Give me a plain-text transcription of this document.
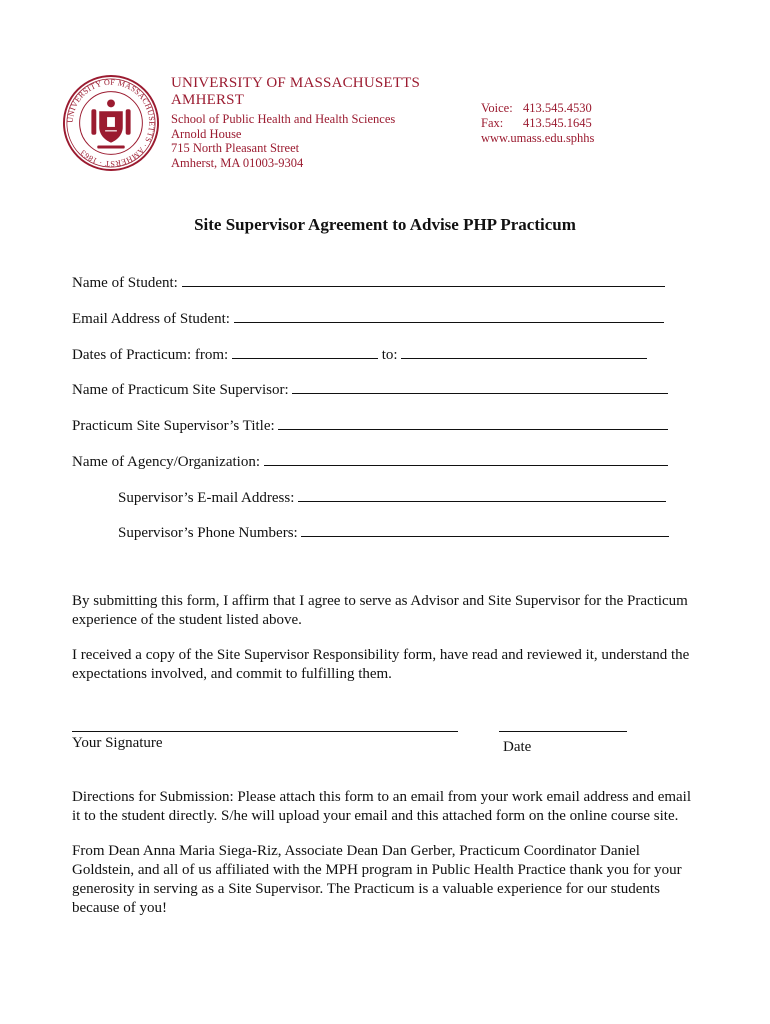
UNIVERSITY OF MASSACHUSETTS · AMHERST · 1863
UNIVERSITY OF MASSACHUSETTS
AMHERST
School of Public Health and Health Sciences
Arnold House
715 North Pleasant Street
Amherst, MA 01003-9304
Voice: 413.545.4530
Fax: 413.545.1645
www.umass.edu.sphhs
Site Supervisor Agreement to Advise PHP Practicum
Name of Student:
Email Address of Student:
Dates of Practicum: from:	to:
Name of Practicum Site Supervisor:
Practicum Site Supervisor’s Title:
Name of Agency/Organization:
Supervisor’s E-mail Address:
Supervisor’s Phone Numbers:
By submitting this form, I affirm that I agree to serve as Advisor and Site Supervisor for the Practicum experience of the student listed above.
I received a copy of the Site Supervisor Responsibility form, have read and reviewed it, understand the expectations involved, and commit to fulfilling them.
Your Signature	Date
Directions for Submission: Please attach this form to an email from your work email address and email it to the student directly. S/he will upload your email and this attached form on the online course site.
From Dean Anna Maria Siega-Riz, Associate Dean Dan Gerber, Practicum Coordinator Daniel Goldstein, and all of us affiliated with the MPH program in Public Health Practice thank you for your generosity in serving as a Site Supervisor. The Practicum is a valuable experience for our students because of you!
